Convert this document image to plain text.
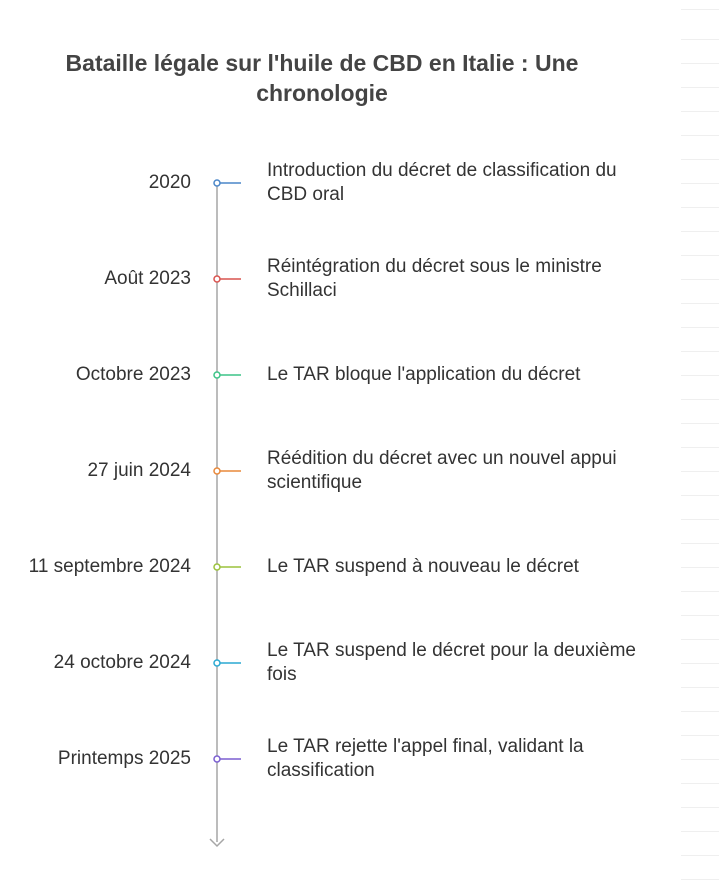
Bataille légale sur l'huile de CBD en Italie : Une chronologie
2020
Introduction du décret de classification du CBD oral
Août 2023
Réintégration du décret sous le ministre Schillaci
Octobre 2023	Le TAR bloque l'application du décret
27 juin 2024
Réédition du décret avec un nouvel appui scientifique
11 septembre 2024	Le TAR suspend à nouveau le décret
24 octobre 2024
Le TAR suspend le décret pour la deuxième fois
Printemps 2025
Le TAR rejette l'appel final, validant la classification
